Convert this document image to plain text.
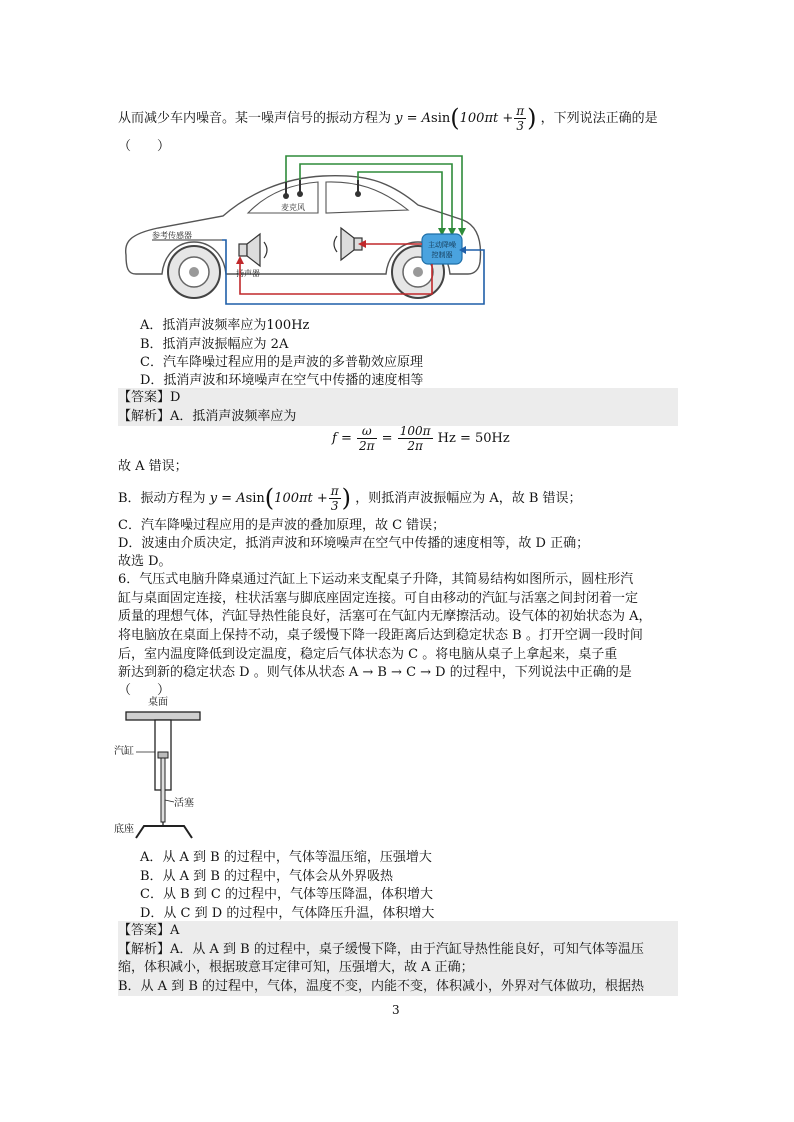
从而减少车内噪音。某一噪声信号的振动方程为 $y = Asin(100\pi t + \frac{\pi}{3}$ ) ，下列说法正确的是
（　　）
麦克风
主动降噪
控制器
参考传感器
扬声器
A．抵消声波频率应为100Hz
B．抵消声波振幅应为 2A
C．汽车降噪过程应用的是声波的多普勒效应原理
D．抵消声波和环境噪声在空气中传播的速度相等
【答案】D
【解析】A．抵消声波频率应为
$f = \frac{\omega}{2\pi} = \frac{100\pi}{2\pi}$ Hz = 50Hz
故 A 错误；
B．振动方程为 $y = Asin(100\pi t + \frac{\pi}{3}$ ) ，则抵消声波振幅应为 A，故 B 错误；
C．汽车降噪过程应用的是声波的叠加原理，故 C 错误；
D．波速由介质决定，抵消声波和环境噪声在空气中传播的速度相等，故 D 正确；
故选 D。
6．气压式电脑升降桌通过汽缸上下运动来支配桌子升降，其简易结构如图所示，圆柱形汽
缸与桌面固定连接，柱状活塞与脚底座固定连接。可自由移动的汽缸与活塞之间封闭着一定
质量的理想气体，汽缸导热性能良好，活塞可在气缸内无摩擦活动。设气体的初始状态为 A，
将电脑放在桌面上保持不动，桌子缓慢下降一段距离后达到稳定状态 B 。打开空调一段时间
后，室内温度降低到设定温度，稳定后气体状态为 C 。将电脑从桌子上拿起来，桌子重
新达到新的稳定状态 D 。则气体从状态 A → B → C → D 的过程中，下列说法中正确的是
（　　）
桌面
汽缸
活塞
底座
A．从 A 到 B 的过程中，气体等温压缩，压强增大
B．从 A 到 B 的过程中，气体会从外界吸热
C．从 B 到 C 的过程中，气体等压降温，体积增大
D．从 C 到 D 的过程中，气体降压升温，体积增大
【答案】A
【解析】A．从 A 到 B 的过程中，桌子缓慢下降，由于汽缸导热性能良好，可知气体等温压
缩，体积减小，根据玻意耳定律可知，压强增大，故 A 正确；
B．从 A 到 B 的过程中，气体，温度不变，内能不变，体积减小，外界对气体做功，根据热
3
